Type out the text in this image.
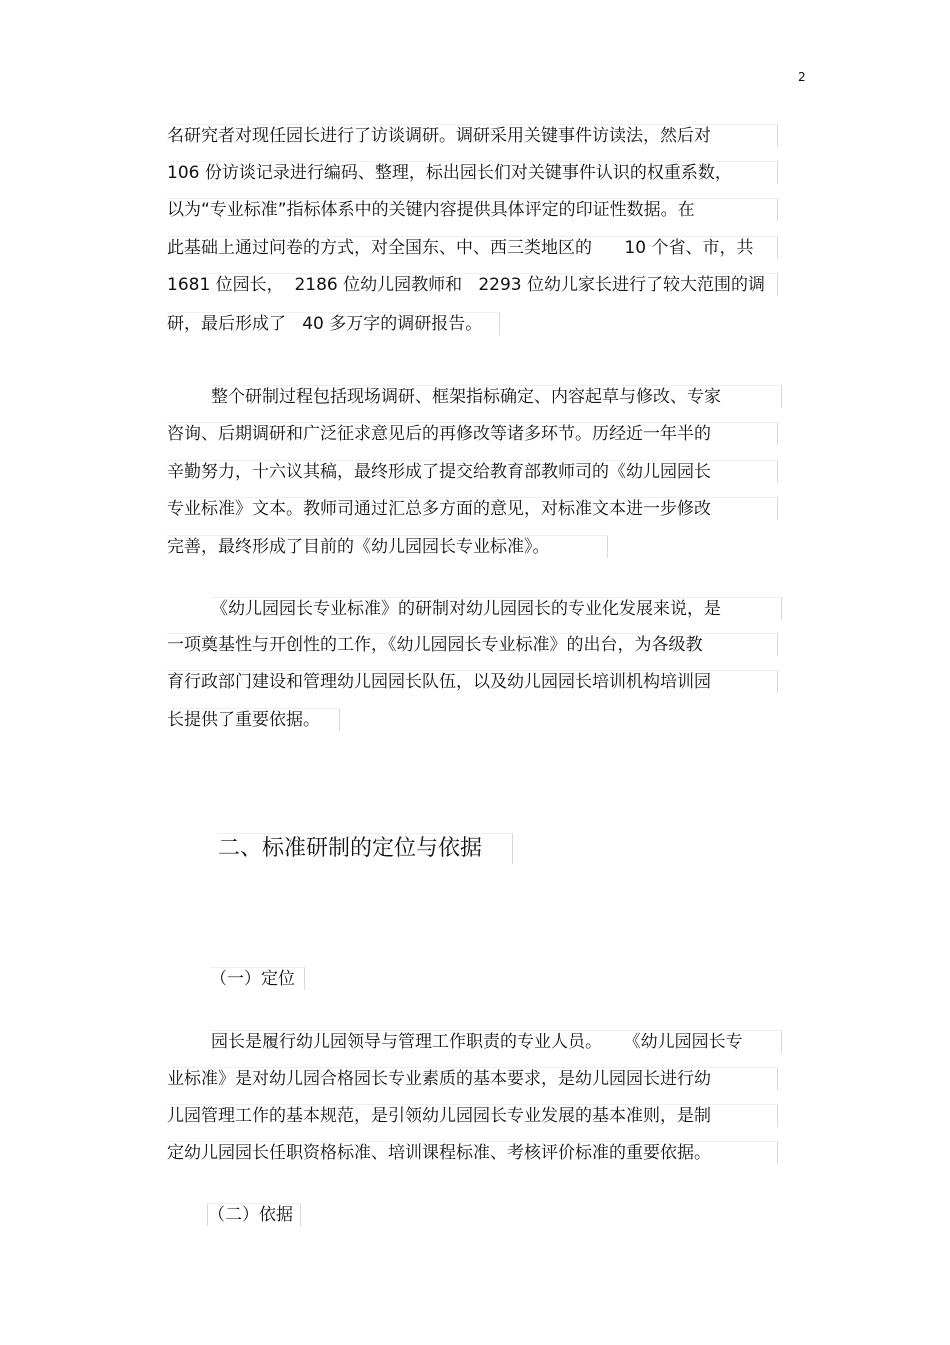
2
名研究者对现任园长进行了访谈调研。调研采用关键事件访读法，然后对
106 份访谈记录进行编码、整理，标出园长们对关键事件认识的权重系数，
以为“专业标准”指标体系中的关键内容提供具体评定的印证性数据。在
此基础上通过问卷的方式，对全国东、中、西三类地区的      10 个省、市，共
1681 位园长，  2186 位幼儿园教师和   2293 位幼儿家长进行了较大范围的调
研，最后形成了   40 多万字的调研报告。
整个研制过程包括现场调研、框架指标确定、内容起草与修改、专家
咨询、后期调研和广泛征求意见后的再修改等诸多环节。历经近一年半的
辛勤努力，十六议其稿，最终形成了提交给教育部教师司的《幼儿园园长
专业标准》文本。教师司通过汇总多方面的意见，对标准文本进一步修改
完善，最终形成了目前的《幼儿园园长专业标准》。
《幼儿园园长专业标准》的研制对幼儿园园长的专业化发展来说，是
一项奠基性与开创性的工作，《幼儿园园长专业标准》的出台，为各级教
育行政部门建设和管理幼儿园园长队伍，以及幼儿园园长培训机构培训园
长提供了重要依据。
二、标准研制的定位与依据
（一）定位
园长是履行幼儿园领导与管理工作职责的专业人员。    《幼儿园园长专
业标准》是对幼儿园合格园长专业素质的基本要求，是幼儿园园长进行幼
儿园管理工作的基本规范，是引领幼儿园园长专业发展的基本准则，是制
定幼儿园园长任职资格标准、培训课程标准、考核评价标准的重要依据。
（二）依据
